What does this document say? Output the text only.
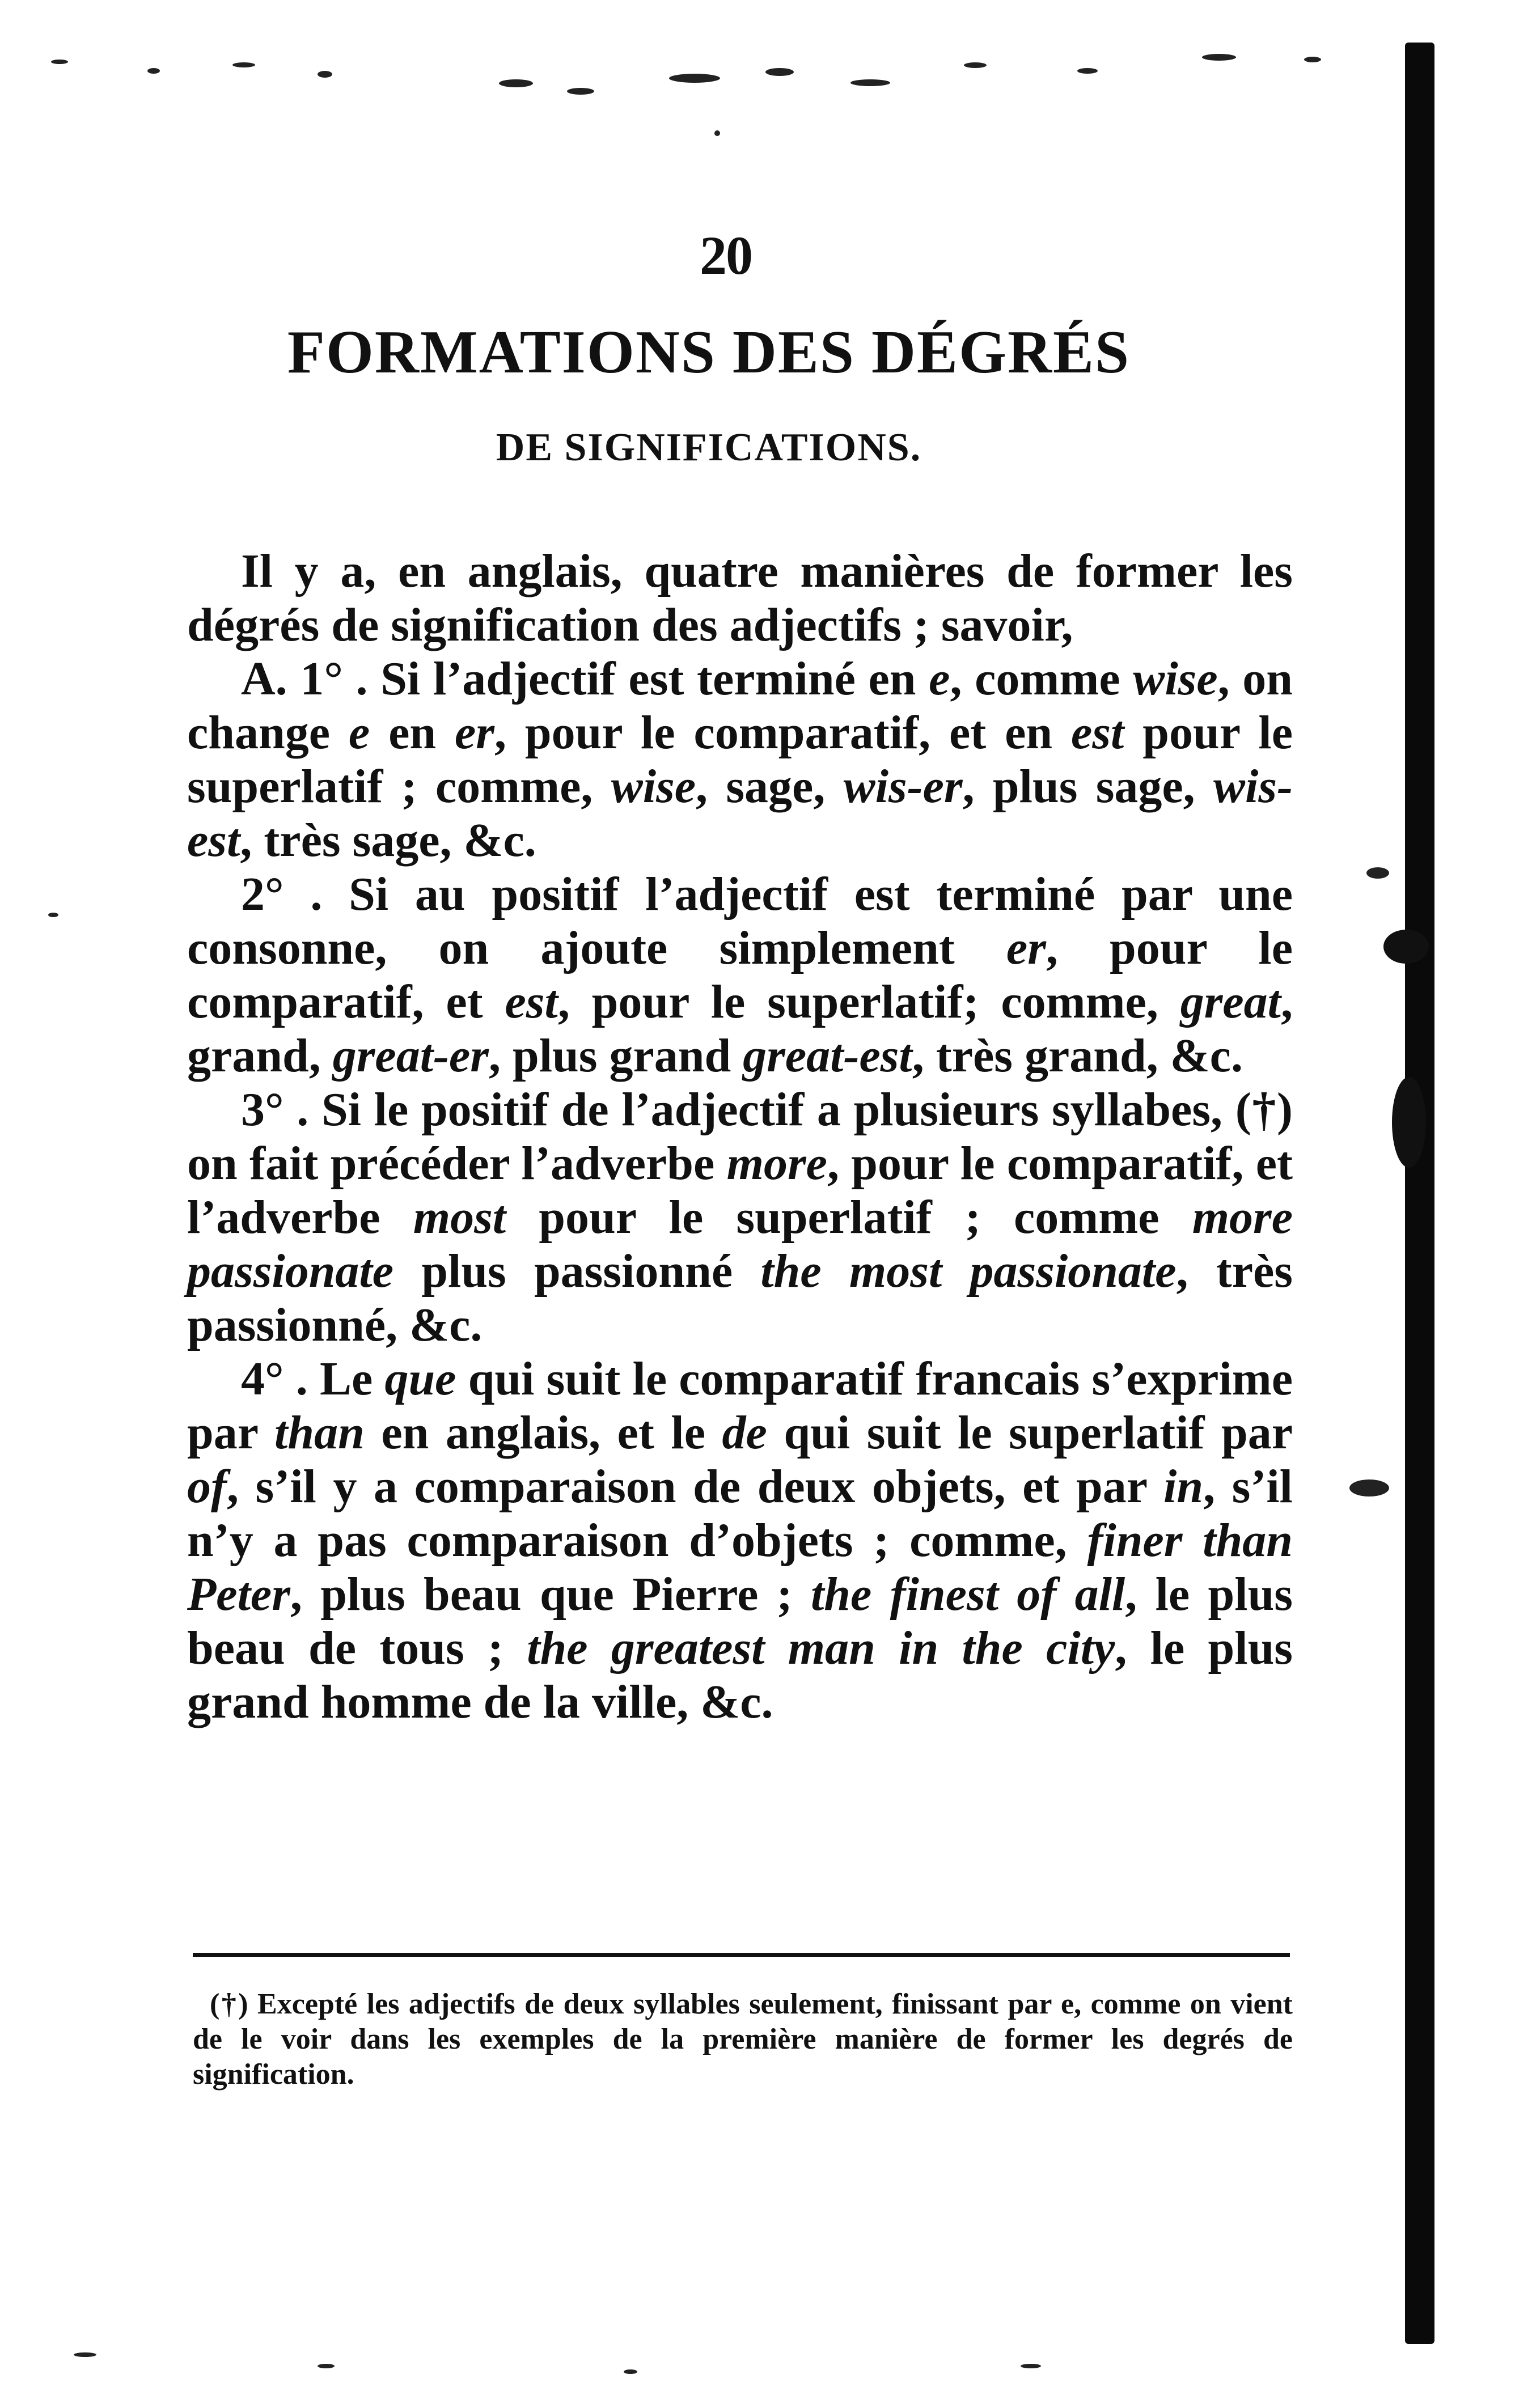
20
FORMATIONS DES DÉGRÉS
DE SIGNIFICATIONS.

Il y a, en anglais, quatre manières de former les dégrés de signification des adjectifs ; savoir,

A. 1° . Si l’adjectif est terminé en e, comme wise, on change e en er, pour le comparatif, et en est pour le superlatif ; comme, wise, sage, wis-er, plus sage, wis-est, très sage, &c.

2° . Si au positif l’adjectif est terminé par une consonne, on ajoute simplement er, pour le comparatif, et est, pour le superlatif; comme, great, grand, great-er, plus grand great-est, très grand, &c.

3° . Si le positif de l’adjectif a plusieurs syllabes, (†) on fait précéder l’adverbe more, pour le comparatif, et l’adverbe most pour le superlatif ; comme more passionate plus passionné the most passionate, très passionné, &c.

4° . Le que qui suit le comparatif francais s’exprime par than en anglais, et le de qui suit le superlatif par of, s’il y a comparaison de deux objets, et par in, s’il n’y a pas comparaison d’objets ; comme, finer than Peter, plus beau que Pierre ; the finest of all, le plus beau de tous ; the greatest man in the city, le plus grand homme de la ville, &c.

(†) Excepté les adjectifs de deux syllables seulement, finissant par e, comme on vient de le voir dans les exemples de la première manière de former les degrés de signification.
